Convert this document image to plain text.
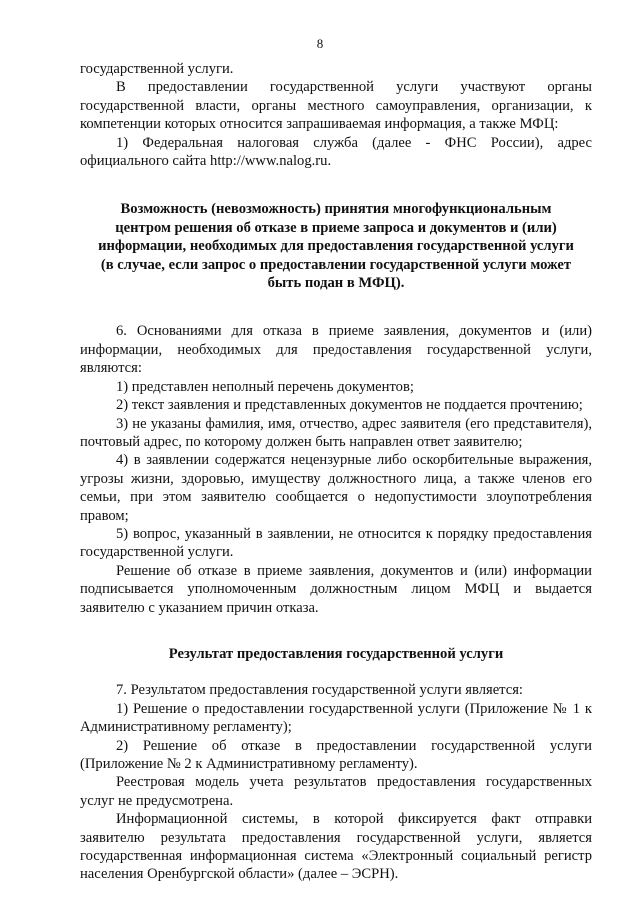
8

государственной услуги.

В предоставлении государственной услуги участвуют органы государственной власти, органы местного самоуправления, организации, к компетенции которых относится запрашиваемая информация, а также МФЦ:

1) Федеральная налоговая служба (далее - ФНС России), адрес официального сайта http://www.nalog.ru.

Возможность (невозможность) принятия многофункциональным центром решения об отказе в приеме запроса и документов и (или) информации, необходимых для предоставления государственной услуги (в случае, если запрос о предоставлении государственной услуги может быть подан в МФЦ).

6. Основаниями для отказа в приеме заявления, документов и (или) информации, необходимых для предоставления государственной услуги, являются:

1) представлен неполный перечень документов;

2) текст заявления и представленных документов не поддается прочтению;

3) не указаны фамилия, имя, отчество, адрес заявителя (его представителя), почтовый адрес, по которому должен быть направлен ответ заявителю;

4) в заявлении содержатся нецензурные либо оскорбительные выражения, угрозы жизни, здоровью, имуществу должностного лица, а также членов его семьи, при этом заявителю сообщается о недопустимости злоупотребления правом;

5) вопрос, указанный в заявлении, не относится к порядку предоставления государственной услуги.

Решение об отказе в приеме заявления, документов и (или) информации подписывается уполномоченным должностным лицом МФЦ и выдается заявителю с указанием причин отказа.

Результат предоставления государственной услуги

7. Результатом предоставления государственной услуги является:

1) Решение о предоставлении государственной услуги (Приложение № 1 к Административному регламенту);

2) Решение об отказе в предоставлении государственной услуги (Приложение № 2 к Административному регламенту).

Реестровая модель учета результатов предоставления государственных услуг не предусмотрена.

Информационной системы, в которой фиксируется факт отправки заявителю результата предоставления государственной услуги, является государственная информационная система «Электронный социальный регистр населения Оренбургской области» (далее – ЭСРН).
